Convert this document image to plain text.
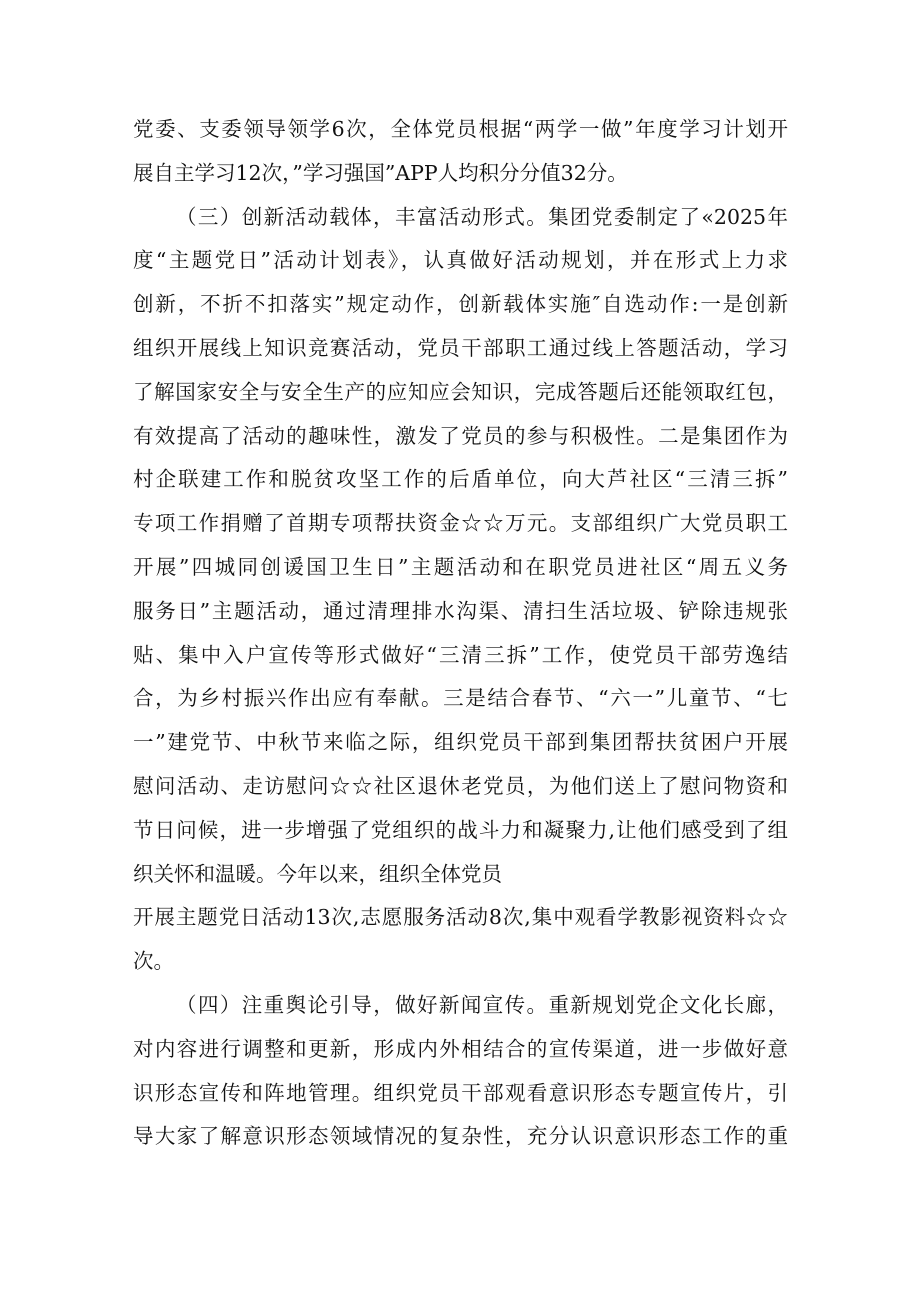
党委、支委领导领学6次，全体党员根据“两学一做”年度学习计划开
展自主学习12次，”学习强国”APP人均积分分值32分。
（三）创新活动载体，丰富活动形式。集团党委制定了«2025年
度“主题党日”活动计划表》，认真做好活动规划，并在形式上力求
创新，不折不扣落实”规定动作，创新载体实施″自选动作:一是创新
组织开展线上知识竞赛活动，党员干部职工通过线上答题活动，学习
了解国家安全与安全生产的应知应会知识，完成答题后还能领取红包，
有效提高了活动的趣味性，激发了党员的参与积极性。二是集团作为
村企联建工作和脱贫攻坚工作的后盾单位，向大芦社区“三清三拆”
专项工作捐赠了首期专项帮扶资金☆☆万元。支部组织广大党员职工
开展”四城同创谖国卫生日”主题活动和在职党员进社区“周五义务
服务日”主题活动，通过清理排水沟渠、清扫生活垃圾、铲除违规张
贴、集中入户宣传等形式做好“三清三拆”工作，使党员干部劳逸结
合，为乡村振兴作出应有奉献。三是结合春节、“六一”儿童节、“七
一”建党节、中秋节来临之际，组织党员干部到集团帮扶贫困户开展
慰问活动、走访慰问☆☆社区退休老党员，为他们送上了慰问物资和
节日问候，进一步增强了党组织的战斗力和凝聚力,让他们感受到了组
织关怀和温暖。今年以来，组织全体党员
开展主题党日活动13次,志愿服务活动8次,集中观看学教影视资料☆☆
次。
（四）注重舆论引导，做好新闻宣传。重新规划党企文化长廊，
对内容进行调整和更新，形成内外相结合的宣传渠道，进一步做好意
识形态宣传和阵地管理。组织党员干部观看意识形态专题宣传片，引
导大家了解意识形态领域情况的复杂性，充分认识意识形态工作的重
